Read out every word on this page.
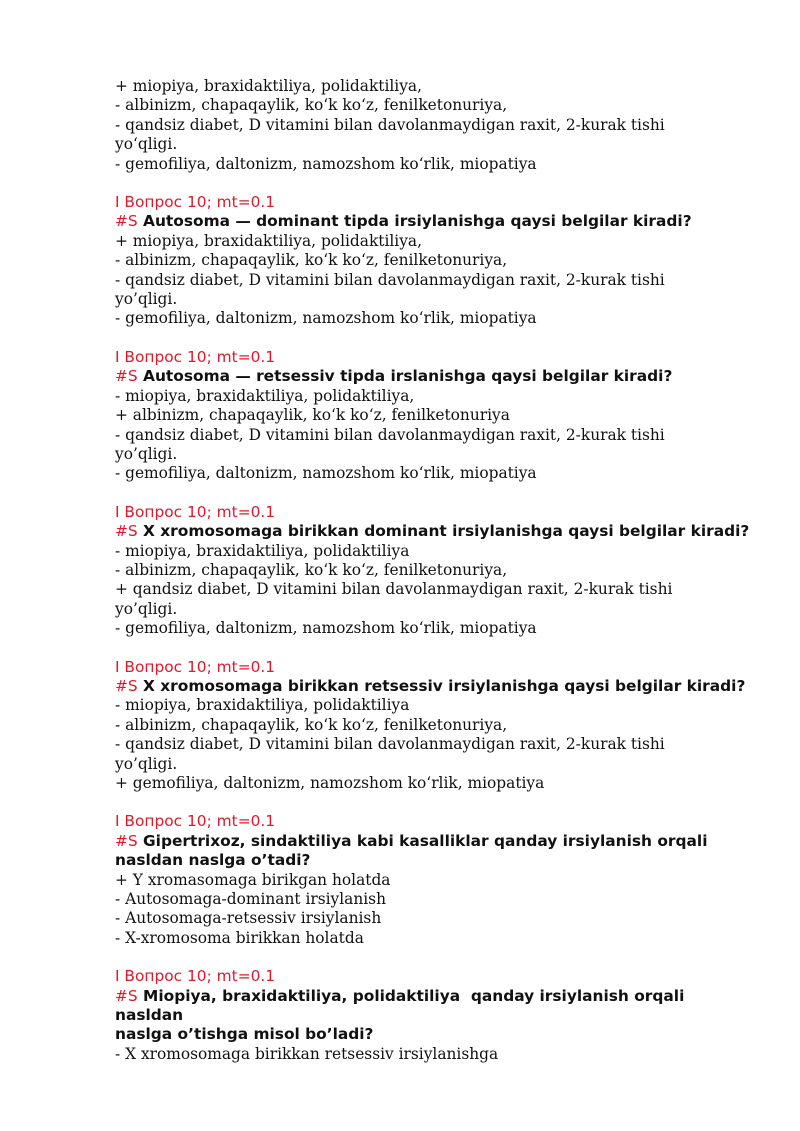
+ miopiya, braxidaktiliya, polidaktiliya,
- albinizm, chapaqaylik, ko‘k ko‘z, fenilketonuriya,
- qandsiz diabet, D vitamini bilan davolanmaydigan raxit, 2-kurak tishi
yo‘qligi.
- gemofiliya, daltonizm, namozshom ko‘rlik, miopatiya
I Вопрос 10; mt=0.1
#S Autosoma — dominant tipda irsiylanishga qaysi belgilar kiradi?
+ miopiya, braxidaktiliya, polidaktiliya,
- albinizm, chapaqaylik, ko‘k ko‘z, fenilketonuriya,
- qandsiz diabet, D vitamini bilan davolanmaydigan raxit, 2-kurak tishi
yo’qligi.
- gemofiliya, daltonizm, namozshom ko‘rlik, miopatiya
I Вопрос 10; mt=0.1
#S Autosoma — retsessiv tipda irslanishga qaysi belgilar kiradi?
- miopiya, braxidaktiliya, polidaktiliya,
+ albinizm, chapaqaylik, ko‘k ko‘z, fenilketonuriya
- qandsiz diabet, D vitamini bilan davolanmaydigan raxit, 2-kurak tishi
yo’qligi.
- gemofiliya, daltonizm, namozshom ko‘rlik, miopatiya
I Вопрос 10; mt=0.1
#S X xromosomaga birikkan dominant irsiylanishga qaysi belgilar kiradi?
- miopiya, braxidaktiliya, polidaktiliya
- albinizm, chapaqaylik, ko‘k ko‘z, fenilketonuriya,
+ qandsiz diabet, D vitamini bilan davolanmaydigan raxit, 2-kurak tishi
yo’qligi.
- gemofiliya, daltonizm, namozshom ko‘rlik, miopatiya
I Вопрос 10; mt=0.1
#S X xromosomaga birikkan retsessiv irsiylanishga qaysi belgilar kiradi?
- miopiya, braxidaktiliya, polidaktiliya
- albinizm, chapaqaylik, ko‘k ko‘z, fenilketonuriya,
- qandsiz diabet, D vitamini bilan davolanmaydigan raxit, 2-kurak tishi
yo’qligi.
+ gemofiliya, daltonizm, namozshom ko‘rlik, miopatiya
I Вопрос 10; mt=0.1
#S Gipertrixoz, sindaktiliya kabi kasalliklar qanday irsiylanish orqali
nasldan naslga o’tadi?
+ Y xromasomaga birikgan holatda
- Autosomaga-dominant irsiylanish
- Autosomaga-retsessiv irsiylanish
- X-xromosoma birikkan holatda
I Вопрос 10; mt=0.1
#S Miopiya, braxidaktiliya, polidaktiliya  qanday irsiylanish orqali nasldan
naslga o’tishga misol bo’ladi?
- X xromosomaga birikkan retsessiv irsiylanishga
